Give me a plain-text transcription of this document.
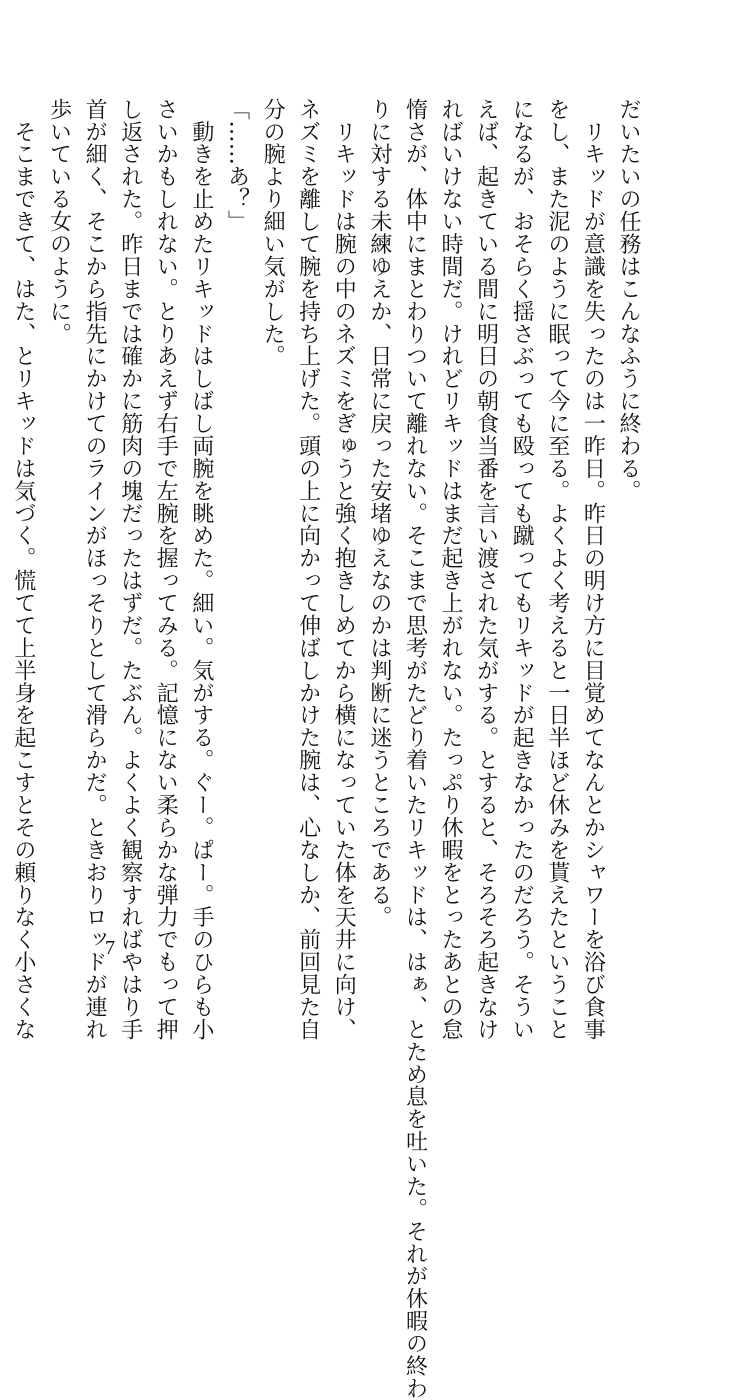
だいたいの任務はこんなふうに終わる。

　リキッドが意識を失ったのは一昨日。昨日の明け方に目覚めてなんとかシャワーを浴び食事

をし、また泥のように眠って今に至る。よくよく考えると一日半ほど休みを貰えたということ

になるが、おそらく揺さぶっても殴っても蹴ってもリキッドが起きなかったのだろう。そうい

えば、起きている間に明日の朝食当番を言い渡された気がする。とすると、そろそろ起きなけ

ればいけない時間だ。けれどリキッドはまだ起き上がれない。たっぷり休暇をとったあとの怠

惰さが、体中にまとわりついて離れない。そこまで思考がたどり着いたリキッドは、はぁ、とため息を吐いた。それが休暇の終わ

りに対する未練ゆえか、日常に戻った安堵ゆえなのかは判断に迷うところである。

　リキッドは腕の中のネズミをぎゅうと強く抱きしめてから横になっていた体を天井に向け、

ネズミを離して腕を持ち上げた。頭の上に向かって伸ばしかけた腕は、心なしか、前回見た自

分の腕より細い気がした。

「……あ？」

　動きを止めたリキッドはしばし両腕を眺めた。細い。気がする。ぐー。ぱー。手のひらも小

さいかもしれない。とりあえず右手で左腕を握ってみる。記憶にない柔らかな弾力でもって押

し返された。昨日までは確かに筋肉の塊だったはずだ。たぶん。よくよく観察すればやはり手

首が細く、そこから指先にかけてのラインがほっそりとして滑らかだ。ときおりロッドが連れ

歩いている女のように。

　そこまできて、はた、とリキッドは気づく。慌てて上半身を起こすとその頼りなく小さくな	7
